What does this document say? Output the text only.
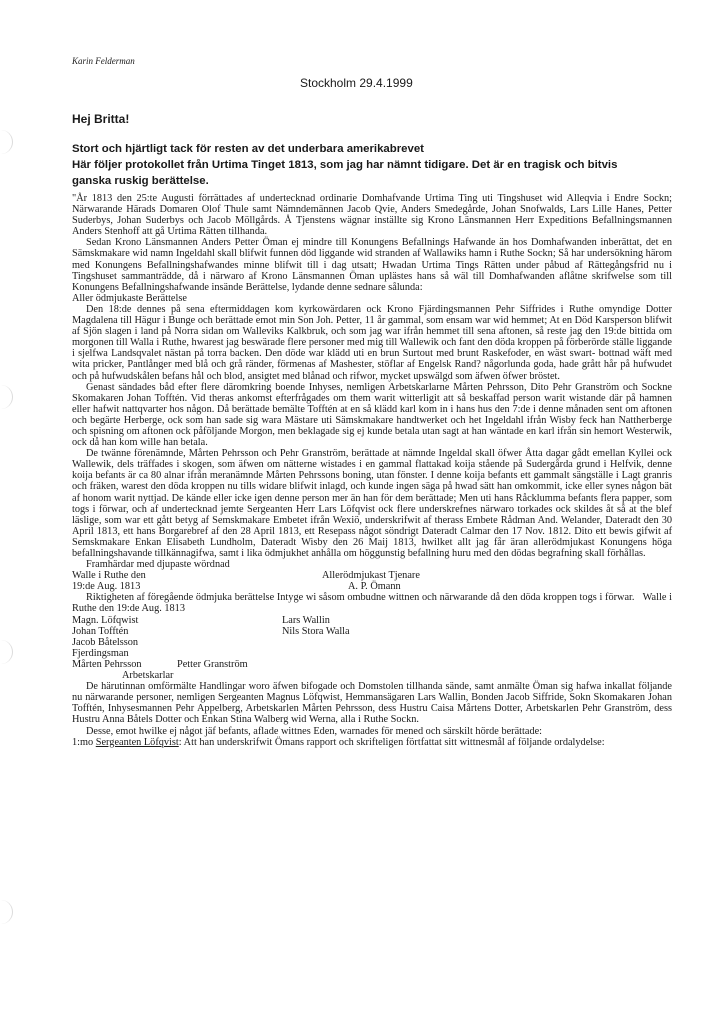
Karin Felderman
Stockholm 29.4.1999
Hej Britta!
Stort och hjärtligt tack för resten av det underbara amerikabrevet
Här följer protokollet från Urtima Tinget 1813, som jag har nämnt tidigare. Det är en tragisk och bitvis
ganska ruskig berättelse.

"År 1813 den 25:te Augusti förrättades af undertecknad ordinarie Domhafvande Urtima Ting uti Tingshuset wid Alleqvia i Endre Sockn; Närwarande Härads Domaren Olof Thule samt Nämndemännen Jacob Qvie, Anders Smedegårde, Johan Snofwalds, Lars Lille Hanes, Petter Suderbys, Johan Suderbys och Jacob Möllgårds. Å Tjenstens wägnar inställte sig Krono Länsmannen Herr Expeditions Befallningsmannen Anders Stenhoff att gå Urtima Rätten tillhanda.

Sedan Krono Länsmannen Anders Petter Öman ej mindre till Konungens Befallnings Hafwande än hos Domhafwanden inberättat, det en Sämskmakare wid namn Ingeldahl skall blifwit funnen död liggande wid stranden af Wallawiks hamn i Ruthe Sockn; Så har undersökning härom med Konungens Befallningshafwandes minne blifwit till i dag utsatt; Hwadan Urtima Tings Rätten under påbud af Rättegångsfrid nu i Tingshuset sammanträdde, då i närwaro af Krono Länsmannen Öman uplästes hans så wäl till Domhafwanden aflåtne skrifwelse som till Konungens Befallningshafwande insände Berättelse, lydande denne sednare sålunda:

Aller ödmjukaste Berättelse

Den 18:de dennes på sena eftermiddagen kom kyrkowärdaren ock Krono Fjärdingsmannen Pehr Siffrides i Ruthe omyndige Dotter Magdalena till Hägur i Bunge och berättade emot min Son Joh. Petter, 11 år gammal, som ensam war wid hemmet; At en Död Karsperson blifwit af Sjön slagen i land på Norra sidan om Walleviks Kalkbruk, och som jag war ifrån hemmet till sena aftonen, så reste jag den 19:de bittida om morgonen till Walla i Ruthe, hwarest jag beswärade flere personer med mig till Wallewik och fant den döda kroppen på förberörde ställe liggande i sjelfwa Landsqvalet nästan på torra backen. Den döde war klädd uti en brun Surtout med brunt Raskefoder, en wäst swart- bottnad wäft med wita pricker, Pantlånger med blå och grå ränder, förmenas af Mashester, stöflar af Engelsk Rand? någorlunda goda, hade grått hår på hufwudet och på hufwudskålen befans hål och blod, ansigtet med blånad och rifwor, mycket upswälgd som äfwen öfwer bröstet.

Genast sändades båd efter flere däromkring boende Inhyses, nemligen Arbetskarlarne Mårten Pehrsson, Dito Pehr Granström och Sockne Skomakaren Johan Tofftén. Vid theras ankomst efterfrågades om them warit witterligit att så beskaffad person warit wistande där på hamnen eller hafwit nattqvarter hos någon. Då berättade bemälte Tofftén at en så klädd karl kom in i hans hus den 7:de i denne månaden sent om aftonen och begärte Herberge, ock som han sade sig wara Mästare uti Sämskmakare handtwerket och het Ingeldahl ifrån Wisby feck han Nattherberge och spisning om aftonen ock påföljande Morgon, men beklagade sig ej kunde betala utan sagt at han wäntade en karl ifrån sin hemort Westerwik, ock då han kom wille han betala.

De twänne förenämnde, Mårten Pehrsson och Pehr Granström, berättade at nämnde Ingeldal skall öfwer Åtta dagar gådt emellan Kyllei ock Wallewik, dels träffades i skogen, som äfwen om nätterne wistades i en gammal flattakad koija stående på Sudergårda grund i Helfvik, denne koija befants är ca 80 alnar ifrån meranämnde Mårten Pehrssons boning, utan fönster. I denne koija befants ett gammalt sängställe i Lagt granris och fräken, warest den döda kroppen nu tills widare blifwit inlagd, och kunde ingen säga på hwad sätt han omkommit, icke eller synes någon bät af honom warit nyttjad. De kände eller icke igen denne person mer än han för dem berättade; Men uti hans Råcklumma befants flera papper, som togs i förwar, och af undertecknad jemte Sergeanten Herr Lars Löfqvist ock flere underskrefnes närwaro torkades ock skildes åt så at the blef läslige, som war ett gått betyg af Semskmakare Embetet ifrån Wexiö, underskrifwit af therass Embete Rådman And. Welander, Dateradt den 30 April 1813, ett hans Borgarebref af den 28 April 1813, ett Resepass något söndrigt Dateradt Calmar den 17 Nov. 1812. Dito ett bewis gifwit af Semskmakare Enkan Elisabeth Lundholm, Dateradt Wisby den 26 Maij 1813, hwilket allt jag får äran allerödmjukast Konungens höga befallningshavande tillkännagifwa, samt i lika ödmjukhet anhålla om höggunstig befallning huru med den dödas begrafning skall förhållas.

Framhärdar med djupaste wördnad

Walle i Ruthe den	Allerödmjukast Tjenare
19:de Aug. 1813	A. P. Ömann

Riktigheten af föregående ödmjuka berättelse Intyge wi såsom ombudne wittnen och närwarande då den döda kroppen togs i förwar. Walle i Ruthe den 19:de Aug. 1813

Magn. Löfqwist	Lars Wallin
Johan Tofftén	Nils Stora Walla
Jacob Båtelsson
Fjerdingsman
Mårten Pehrsson	Petter Granström
Arbetskarlar

De härutinnan omförmälte Handlingar woro äfwen bifogade och Domstolen tillhanda sände, samt anmälte Öman sig hafwa inkallat följande nu närwarande personer, nemligen Sergeanten Magnus Löfqwist, Hemmansägaren Lars Wallin, Bonden Jacob Siffride, Sokn Skomakaren Johan Tofftén, Inhysesmannen Pehr Appelberg, Arbetskarlen Mårten Pehrsson, dess Hustru Caisa Mårtens Dotter, Arbetskarlen Pehr Granström, dess Hustru Anna Båtels Dotter och Enkan Stina Walberg wid Werna, alla i Ruthe Sockn.

Desse, emot hwilke ej något jäf befants, aflade wittnes Eden, warnades för mened och särskilt hörde berättade:

1:mo Sergeanten Löfqvist: Att han underskrifwit Ömans rapport och skrifteligen förtfattat sitt wittnesmål af följande ordalydelse:
